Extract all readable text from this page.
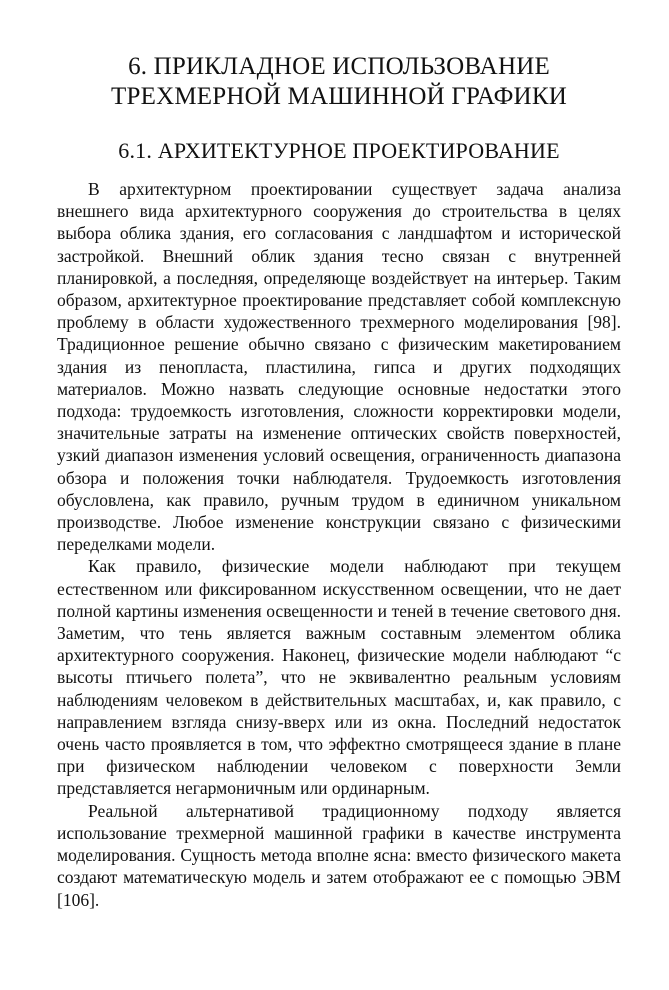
6. ПРИКЛАДНОЕ ИСПОЛЬЗОВАНИЕ
ТРЕХМЕРНОЙ МАШИННОЙ ГРАФИКИ
6.1. АРХИТЕКТУРНОЕ ПРОЕКТИРОВАНИЕ

В архитектурном проектировании существует задача анализа внешнего вида архитектурного сооружения до строительства в целях выбора облика здания, его согласования с ландшафтом и исторической застройкой. Внешний облик здания тесно связан с внутренней планировкой, а последняя, определяюще воздействует на интерьер. Таким образом, архитектурное проектирование представляет собой комплексную проблему в области художественного трехмерного моделирования [98]. Традиционное решение обычно связано с физическим макетированием здания из пенопласта, пластилина, гипса и других подходящих материалов. Можно назвать следующие основные недостатки этого подхода: трудоемкость изготовления, сложности корректировки модели, значительные затраты на изменение оптических свойств поверхностей, узкий диапазон изменения условий освещения, ограниченность диапазона обзора и положения точки наблюдателя. Трудоемкость изготовления обусловлена, как правило, ручным трудом в единичном уникальном производстве. Любое изменение конструкции связано с физическими переделками модели.

Как правило, физические модели наблюдают при текущем естественном или фиксированном искусственном освещении, что не дает полной картины изменения освещенности и теней в течение светового дня. Заметим, что тень является важным составным элементом облика архитектурного сооружения. Наконец, физические модели наблюдают “с высоты птичьего полета”, что не эквивалентно реальным условиям наблюдениям человеком в действительных масштабах, и, как правило, с направлением взгляда снизу-вверх или из окна. Последний недостаток очень часто проявляется в том, что эффектно смотрящееся здание в плане при физическом наблюдении человеком с поверхности Земли представляется негармоничным или ординарным.

Реальной альтернативой традиционному подходу является использование трехмерной машинной графики в качестве инструмента моделирования. Сущность метода вполне ясна: вместо физического макета создают математическую модель и затем отображают ее с помощью ЭВМ [106].
